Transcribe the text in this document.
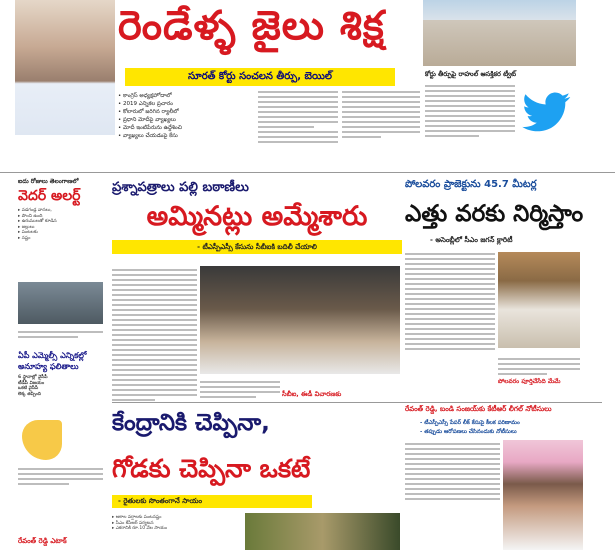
రెండేళ్ళ జైలు శిక్ష
సూరత్ కోర్టు సంచలన తీర్పు, బెయిల్
• కాంగ్రెస్ అధ్యక్షహోదాలో
• 2019 ఎన్నికల ప్రచారం
• కోలారులో జరిగిన ర్యాలీలో
• ప్రధాని మోదీపై వ్యాఖ్యలు
• మోదీ ఇంటిపేరును ఉద్దేశించి
• వ్యాఖ్యలు చేయడంపై కేసు
కోర్టు తీర్పుపై రాహుల్ ఆసక్తికర ట్వీట్
ఐదు రోజులు తెలంగాణలో
వెదర్ అలర్ట్
▸ వడగండ్ల వానలు,
▸ పొంచి ఉంది
▸ ఉరుములతో కూడిన
▸ జల్లులు
▸ పంటలకు
▸ నష్టం
ఏపీ ఎమ్మెల్సీ ఎన్నికల్లో అనూహ్య ఫలితాలు
6 స్థానాల్లో వైసీపీ
టీడీపీ విజయం
ఒకటి వైసీపీ
లెక్క తప్పింది
రేవంత్ రెడ్డి ఎటాక్
ప్రశ్నాపత్రాలు పల్లి బఠాణీలు
అమ్మినట్లు అమ్మేశారు
- టీఎస్పీఎస్సీ కేసును సీబీఐకి బదిలీ చేయాలి
సీబీఐ, ఈడీ విచారణకు
పోలవరం ప్రాజెక్టును 45.7 మీటర్ల
ఎత్తు వరకు నిర్మిస్తాం
- అసెంబ్లీలో సీఎం జగన్ క్లారిటీ
పోలవరం పూర్తిచేసేది మేమే
రేవంత్ రెడ్డి, బండి సంజయ్‌కు కేటీఆర్ లీగల్ నోటీసులు
- టీఎస్పీఎస్సీ పేపర్ లీక్ కేసుపై కీలక పరిణామం
- తప్పుడు ఆరోపణలు చేసినందుకు నోటీసులు
కేంద్రానికి చెప్పినా,
గోడకు చెప్పినా ఒకటే
- రైతులకు సొంతంగానే సాయం
▸ అకాల వర్షాలకు పంటనష్టం
▸ సీఎం కేసీఆర్ పర్యటన
▸ ఎకరానికి రూ.10 వేల సాయం
